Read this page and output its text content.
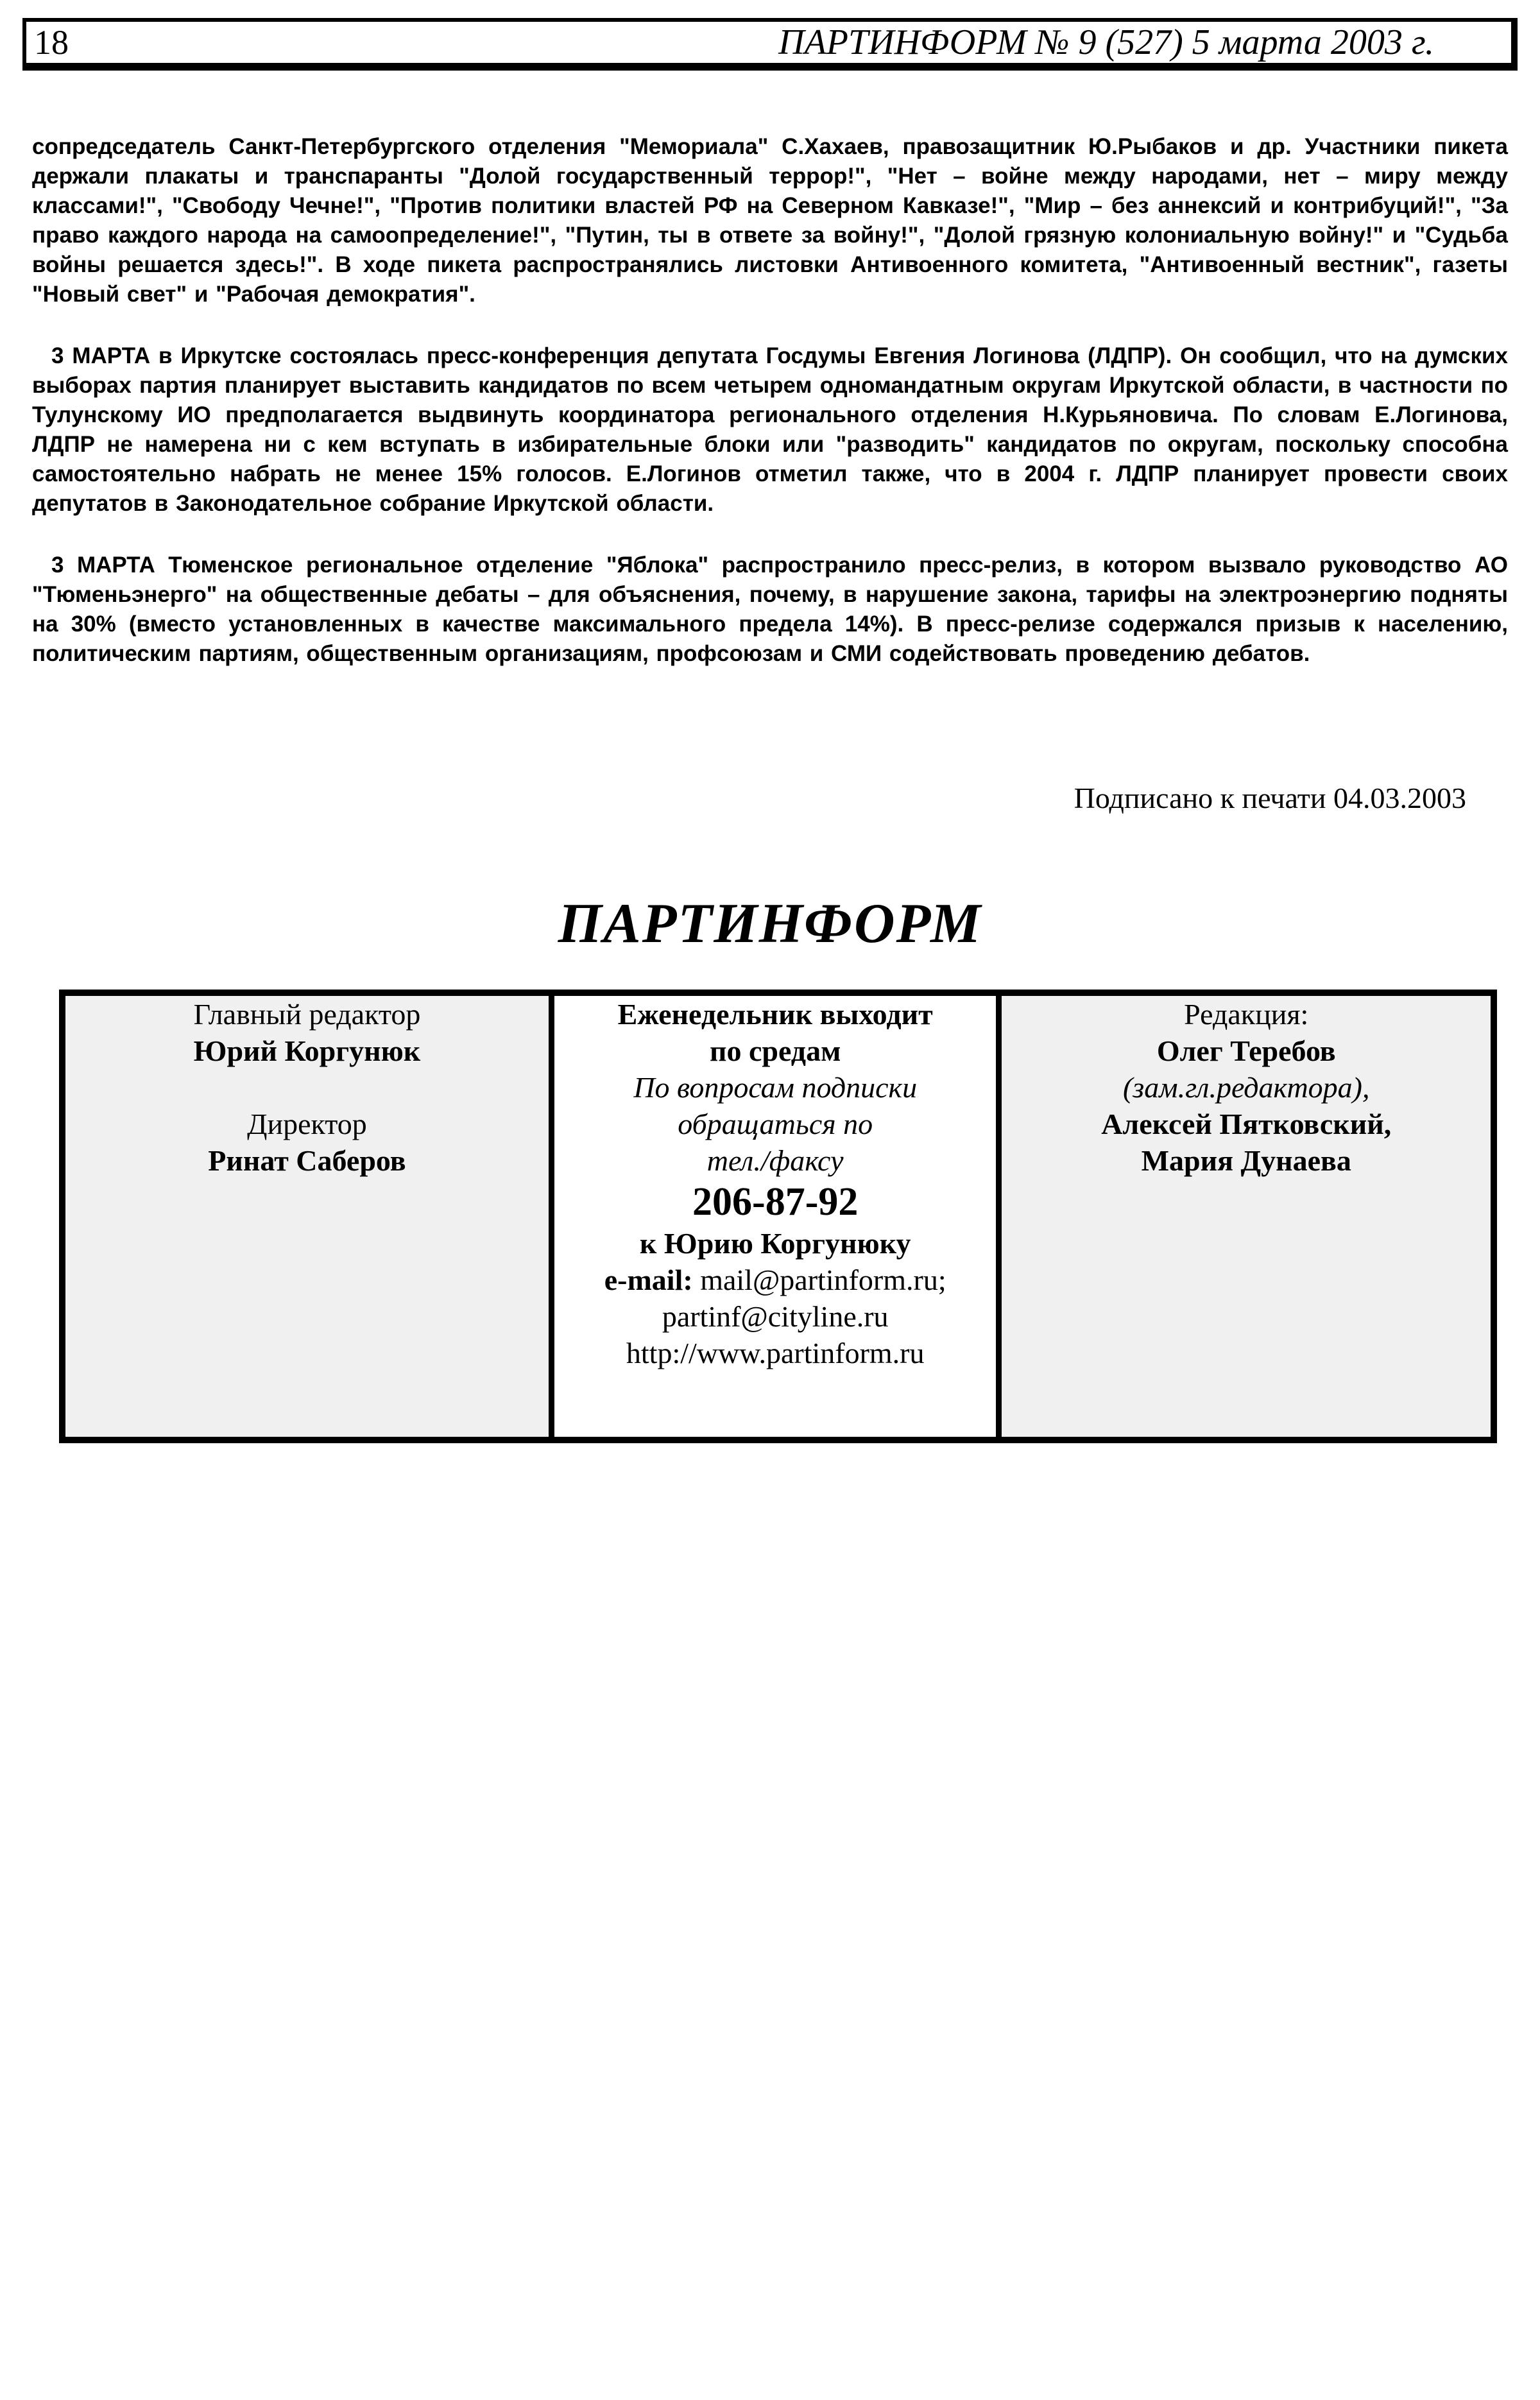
18	ПАРТИНФОРМ № 9 (527) 5 марта 2003 г.

сопредседатель Санкт-Петербургского отделения "Мемориала" С.Хахаев, правозащитник Ю.Рыбаков и др. Участники пикета держали плакаты и транспаранты "Долой государственный террор!", "Нет – войне между народами, нет – миру между классами!", "Свободу Чечне!", "Против политики властей РФ на Северном Кавказе!", "Мир – без аннексий и контрибуций!", "За право каждого народа на самоопределение!", "Путин, ты в ответе за войну!", "Долой грязную колониальную войну!" и "Судьба войны решается здесь!". В ходе пикета распространялись листовки Антивоенного комитета, "Антивоенный вестник", газеты "Новый свет" и "Рабочая демократия".

3 МАРТА в Иркутске состоялась пресс-конференция депутата Госдумы Евгения Логинова (ЛДПР). Он сообщил, что на думских выборах партия планирует выставить кандидатов по всем четырем одномандатным округам Иркутской области, в частности по Тулунскому ИО предполагается выдвинуть координатора регионального отделения Н.Курьяновича. По словам Е.Логинова, ЛДПР не намерена ни с кем вступать в избирательные блоки или "разводить" кандидатов по округам, поскольку способна самостоятельно набрать не менее 15% голосов. Е.Логинов отметил также, что в 2004 г. ЛДПР планирует провести своих депутатов в Законодательное собрание Иркутской области.

3 МАРТА Тюменское региональное отделение "Яблока" распространило пресс-релиз, в котором вызвало руководство АО "Тюменьэнерго" на общественные дебаты – для объяснения, почему, в нарушение закона, тарифы на электроэнергию подняты на 30% (вместо установленных в качестве максимального предела 14%). В пресс-релизе содержался призыв к населению, политическим партиям, общественным организациям, профсоюзам и СМИ содействовать проведению дебатов.

Подписано к печати 04.03.2003
ПАРТИНФОРМ
Главный редактор
Юрий Коргунюк
Директор
Ринат Саберов

Еженедельник выходит
по средам
По вопросам подписки
обращаться по
тел./факсу
206-87-92
к Юрию Коргунюку
e-mail: mail@partinform.ru;
partinf@cityline.ru
http://www.partinform.ru

Редакция:
Олег Теребов
(зам.гл.редактора),
Алексей Пятковский,
Мария Дунаева
